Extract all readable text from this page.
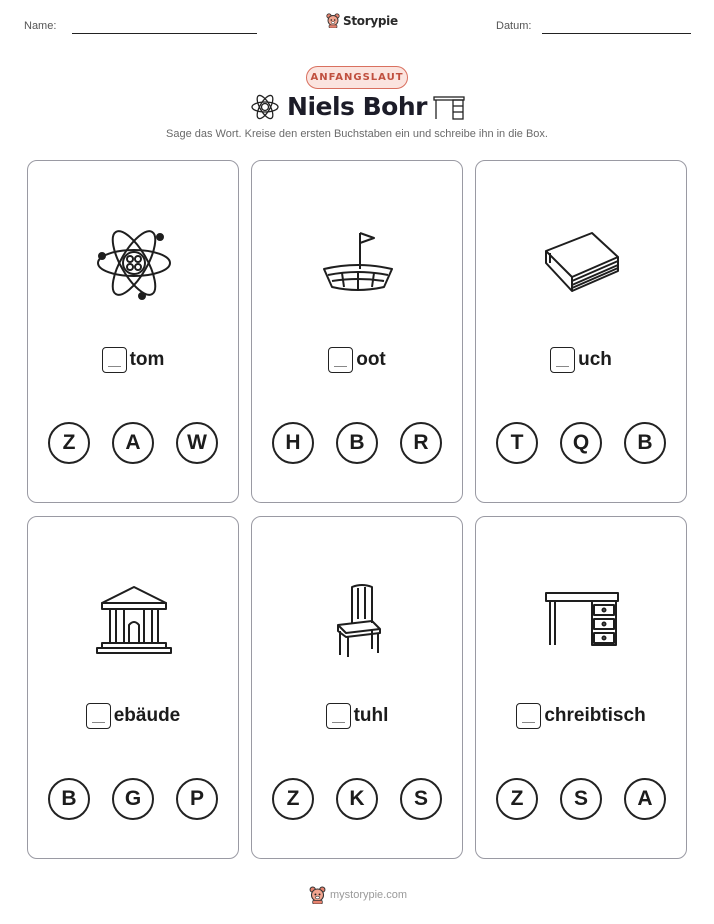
Name:	Storypie	Datum:
ANFANGSLAUT
Niels Bohr
Sage das Wort. Kreise den ersten Buchstaben ein und schreibe ihn in die Box.
tom
Z	A	W
oot
H	B	R
uch
T	Q	B
ebäude
B	G	P
tuhl
Z	K	S
chreibtisch
Z	S	A
mystorypie.com
